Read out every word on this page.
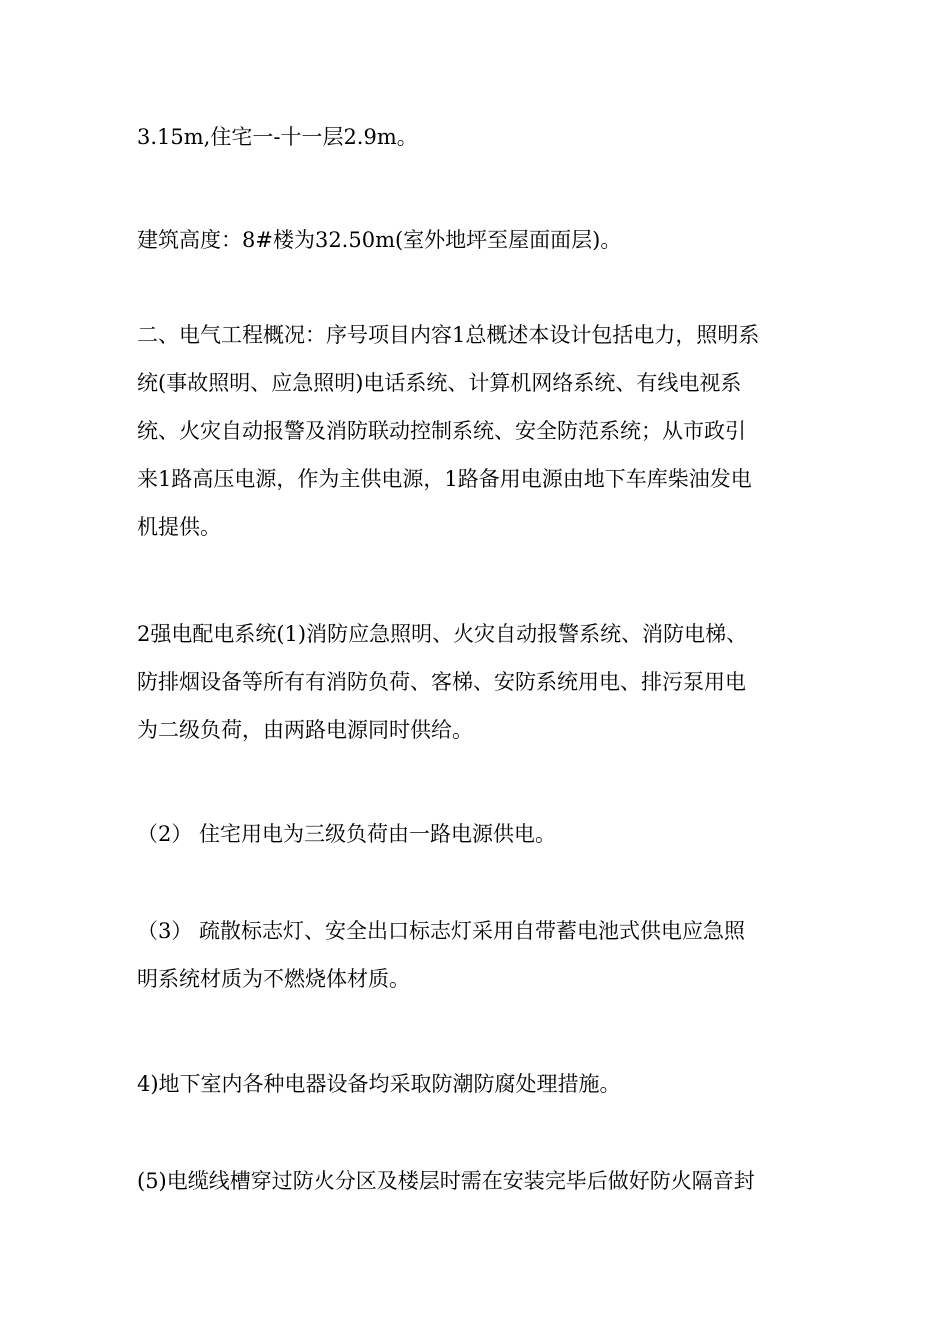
3.15m,住宅一-十一层2.9m。

建筑高度：8#楼为32.50m(室外地坪至屋面面层)。

二、电气工程概况：序号项目内容1总概述本设计包括电力，照明系
统(事故照明、应急照明)电话系统、计算机网络系统、有线电视系
统、火灾自动报警及消防联动控制系统、安全防范系统；从市政引
来1路高压电源，作为主供电源，1路备用电源由地下车库柴油发电
机提供。

2强电配电系统(1)消防应急照明、火灾自动报警系统、消防电梯、
防排烟设备等所有有消防负荷、客梯、安防系统用电、排污泵用电
为二级负荷，由两路电源同时供给。

（2） 住宅用电为三级负荷由一路电源供电。

（3） 疏散标志灯、安全出口标志灯采用自带蓄电池式供电应急照
明系统材质为不燃烧体材质。

4)地下室内各种电器设备均采取防潮防腐处理措施。

(5)电缆线槽穿过防火分区及楼层时需在安装完毕后做好防火隔音封
